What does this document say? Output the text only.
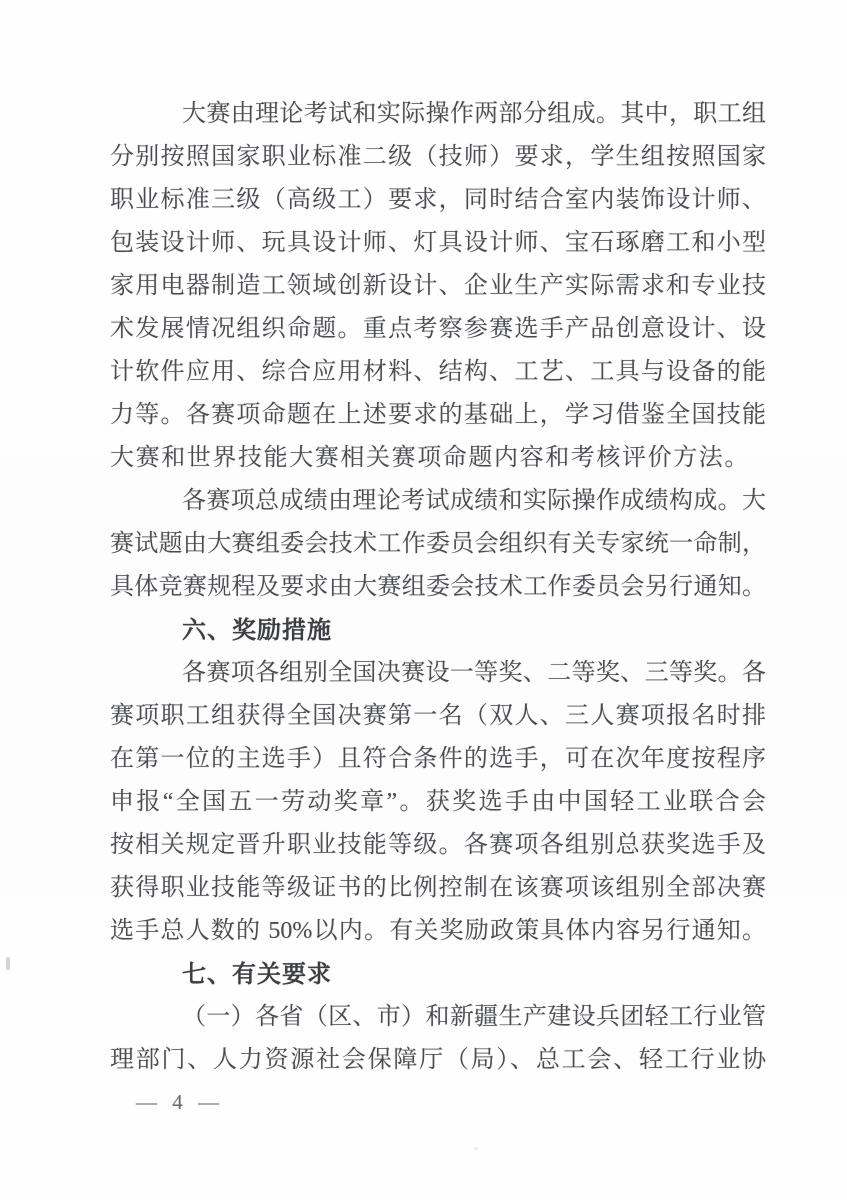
大赛由理论考试和实际操作两部分组成。其中，职工组
分别按照国家职业标准二级（技师）要求，学生组按照国家
职业标准三级（高级工）要求，同时结合室内装饰设计师、
包装设计师、玩具设计师、灯具设计师、宝石琢磨工和小型
家用电器制造工领域创新设计、企业生产实际需求和专业技
术发展情况组织命题。重点考察参赛选手产品创意设计、设
计软件应用、综合应用材料、结构、工艺、工具与设备的能
力等。各赛项命题在上述要求的基础上，学习借鉴全国技能
大赛和世界技能大赛相关赛项命题内容和考核评价方法。
各赛项总成绩由理论考试成绩和实际操作成绩构成。大
赛试题由大赛组委会技术工作委员会组织有关专家统一命制，
具体竞赛规程及要求由大赛组委会技术工作委员会另行通知。
六、奖励措施
各赛项各组别全国决赛设一等奖、二等奖、三等奖。各
赛项职工组获得全国决赛第一名（双人、三人赛项报名时排
在第一位的主选手）且符合条件的选手，可在次年度按程序
申报“全国五一劳动奖章”。获奖选手由中国轻工业联合会
按相关规定晋升职业技能等级。各赛项各组别总获奖选手及
获得职业技能等级证书的比例控制在该赛项该组别全部决赛
选手总人数的 50%以内。有关奖励政策具体内容另行通知。
七、有关要求
（一）各省（区、市）和新疆生产建设兵团轻工行业管
理部门、人力资源社会保障厅（局）、总工会、轻工行业协
— 4 —
